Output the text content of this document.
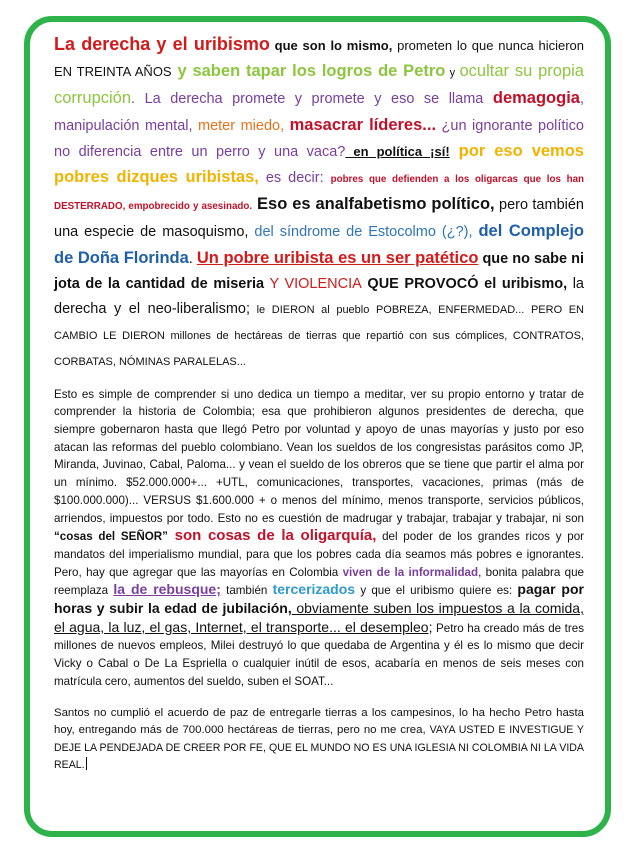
La derecha y el uribismo que son lo mismo, prometen lo que nunca hicieron EN TREINTA AÑOS y saben tapar los logros de Petro y ocultar su propia corrupción. La derecha promete y promete y eso se llama demagogia, manipulación mental, meter miedo, masacrar líderes... ¿un ignorante político no diferencia entre un perro y una vaca? en política ¡sí! por eso vemos pobres dizques uribistas, es decir: pobres que defienden a los oligarcas que los han DESTERRADO, empobrecido y asesinado. Eso es analfabetismo político, pero también una especie de masoquismo, del síndrome de Estocolmo (¿?), del Complejo de Doña Florinda. Un pobre uribista es un ser patético que no sabe ni jota de la cantidad de miseria Y VIOLENCIA QUE PROVOCÓ el uribismo, la derecha y el neo-liberalismo; le DIERON al pueblo POBREZA, ENFERMEDAD... PERO EN CAMBIO LE DIERON millones de hectáreas de tierras que repartió con sus cómplices, CONTRATOS, CORBATAS, NÓMINAS PARALELAS...

Esto es simple de comprender si uno dedica un tiempo a meditar, ver su propio entorno y tratar de comprender la historia de Colombia; esa que prohibieron algunos presidentes de derecha, que siempre gobernaron hasta que llegó Petro por voluntad y apoyo de unas mayorías y justo por eso atacan las reformas del pueblo colombiano. Vean los sueldos de los congresistas parásitos como JP, Miranda, Juvinao, Cabal, Paloma... y vean el sueldo de los obreros que se tiene que partir el alma por un mínimo. $52.000.000+... +UTL, comunicaciones, transportes, vacaciones, primas (más de $100.000.000)... VERSUS $1.600.000 + o menos del mínimo, menos transporte, servicios públicos, arriendos, impuestos por todo. Esto no es cuestión de madrugar y trabajar, trabajar y trabajar, ni son “cosas del SEÑOR” son cosas de la oligarquía, del poder de los grandes ricos y por mandatos del imperialismo mundial, para que los pobres cada día seamos más pobres e ignorantes. Pero, hay que agregar que las mayorías en Colombia viven de la informalidad, bonita palabra que reemplaza la de rebusque; también tercerizados y que el uribismo quiere es: pagar por horas y subir la edad de jubilación, obviamente suben los impuestos a la comida, el agua, la luz, el gas, Internet, el transporte... el desempleo; Petro ha creado más de tres millones de nuevos empleos, Milei destruyó lo que quedaba de Argentina y él es lo mismo que decir Vicky o Cabal o De La Espriella o cualquier inútil de esos, acabaría en menos de seis meses con matrícula cero, aumentos del sueldo, suben el SOAT...

Santos no cumplió el acuerdo de paz de entregarle tierras a los campesinos, lo ha hecho Petro hasta hoy, entregando más de 700.000 hectáreas de tierras, pero no me crea, VAYA USTED E INVESTIGUE Y DEJE LA PENDEJADA DE CREER POR FE, QUE EL MUNDO NO ES UNA IGLESIA NI COLOMBIA NI LA VIDA REAL.
